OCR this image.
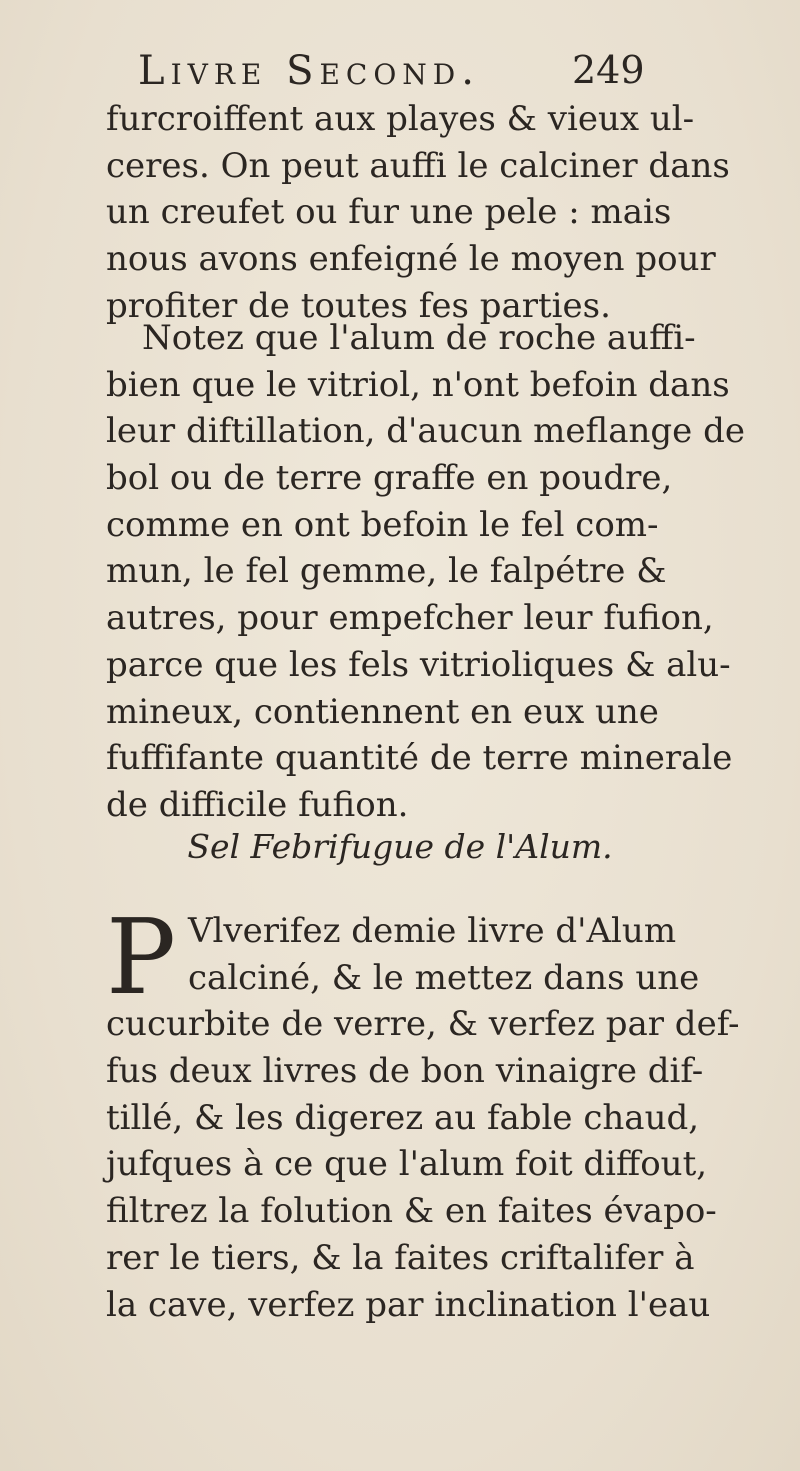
Livre Second. 249
furcroiffent aux playes & vieux ul-
ceres. On peut auffi le calciner dans
un creufet ou fur une pele : mais
nous avons enfeigné le moyen pour
profiter de toutes fes parties.
Notez que l'alum de roche auffi-
bien que le vitriol, n'ont befoin dans
leur diftillation, d'aucun meflange de
bol ou de terre graffe en poudre,
comme en ont befoin le fel com-
mun, le fel gemme, le falpétre &
autres, pour empefcher leur fufion,
parce que les fels vitrioliques & alu-
mineux, contiennent en eux une
fuffifante quantité de terre minerale
de difficile fufion.
Sel Febrifugue de l'Alum.
P Vlverifez demie livre d'Alum
calciné, & le mettez dans une
cucurbite de verre, & verfez par def-
fus deux livres de bon vinaigre dif-
tillé, & les digerez au fable chaud,
jufques à ce que l'alum foit diffout,
filtrez la folution & en faites évapo-
rer le tiers, & la faites criftalifer à
la cave, verfez par inclination l'eau
